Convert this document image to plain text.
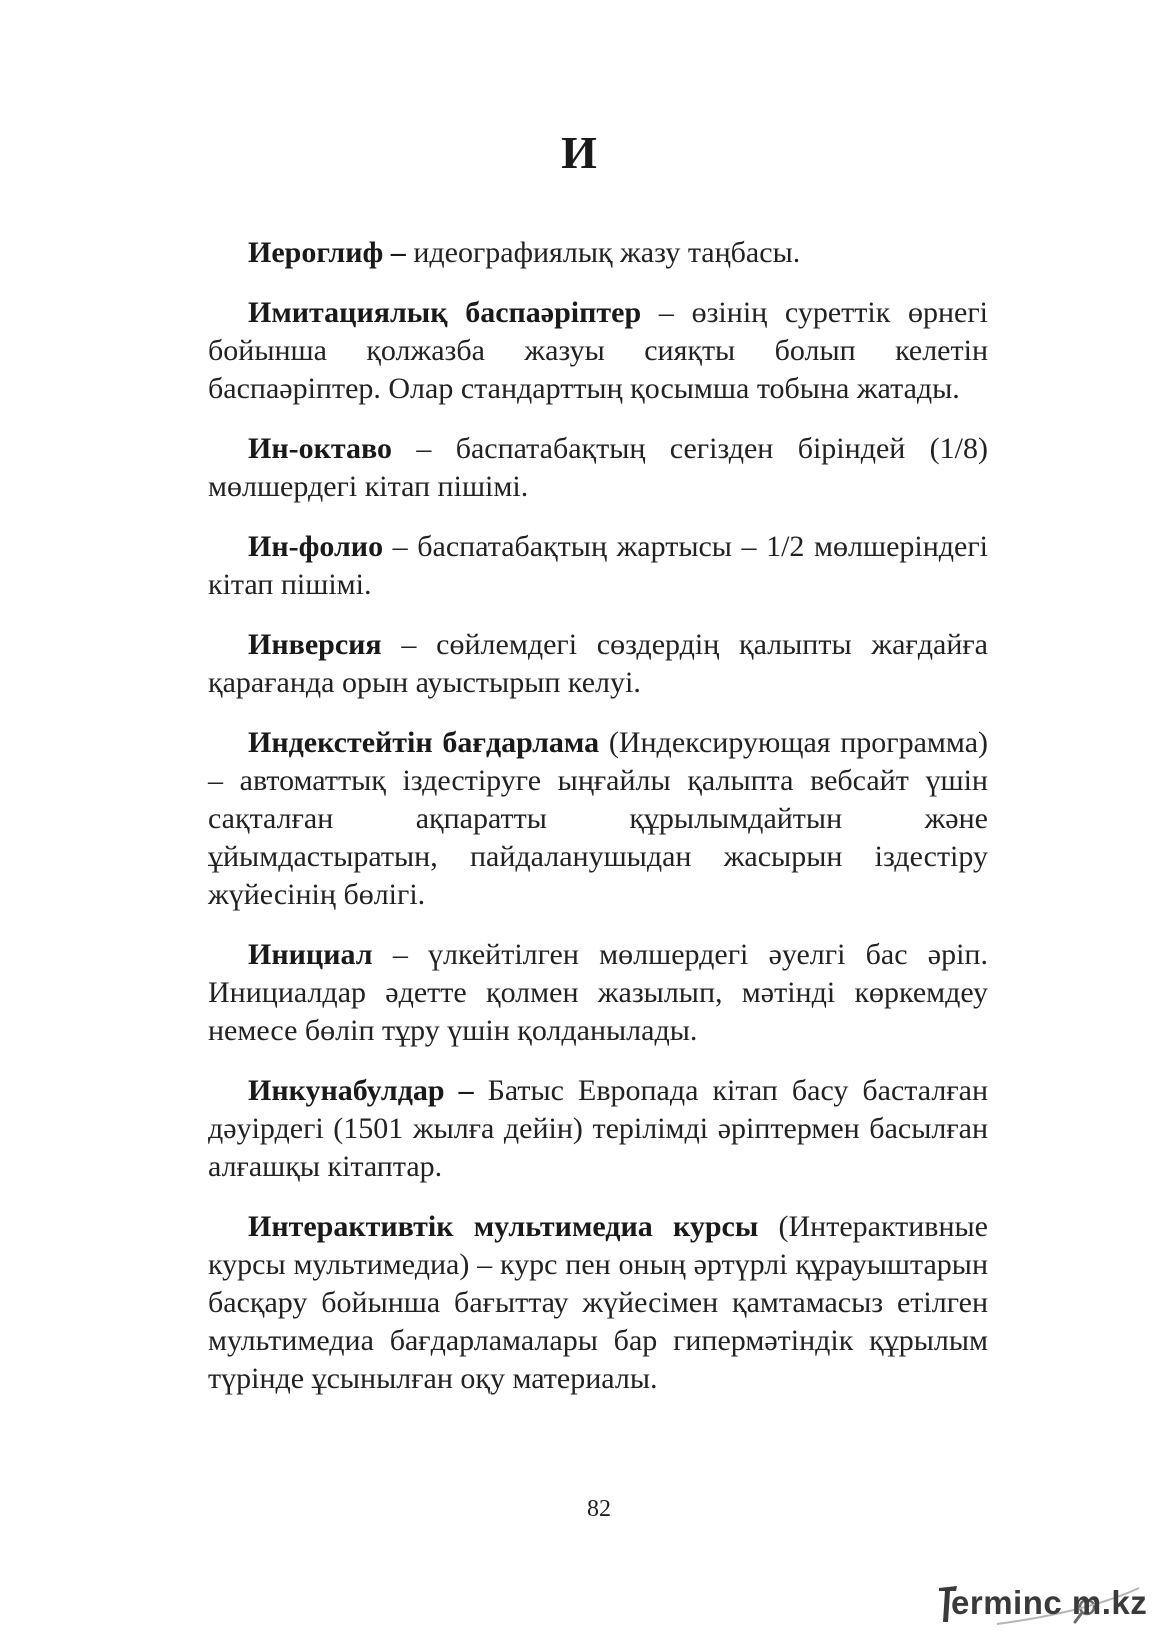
И

Иероглиф – идеографиялық жазу таңбасы.

Имитациялық баспаәріптер – өзінің суреттік өрнегі бойынша қолжазба жазуы сияқты болып келетін баспаәріптер. Олар стандарттың қосымша тобына жатады.

Ин-октаво – баспатабақтың сегізден біріндей (1/8) мөлшердегі кітап пішімі.

Ин-фолио – баспатабақтың жартысы – 1/2 мөлшеріндегі кітап пішімі.

Инверсия – сөйлемдегі сөздердің қалыпты жағдайға қарағанда орын ауыстырып келуі.

Индекстейтін бағдарлама (Индексирующая программа) – автоматтық іздестіруге ыңғайлы қалыпта вебсайт үшін сақталған ақпаратты құрылымдайтын және ұйымдастыратын, пайдаланушыдан жасырын іздестіру жүйесінің бөлігі.

Инициал – үлкейтілген мөлшердегі әуелгі бас әріп. Инициалдар әдетте қолмен жазылып, мәтінді көркемдеу немесе бөліп тұру үшін қолданылады.

Инкунабулдар – Батыс Европада кітап басу басталған дәуірдегі (1501 жылға дейін) терілімді әріптермен басылған алғашқы кітаптар.

Интерактивтік мультимедиа курсы (Интерактивные курсы мультимедиа) – курс пен оның әртүрлі құрауыштарын басқару бойынша бағыттау жүйесімен қамтамасыз етілген мультимедиа бағдарламалары бар гипермәтіндік құрылым түрінде ұсынылған оқу материалы.

82
erminc m.kz
